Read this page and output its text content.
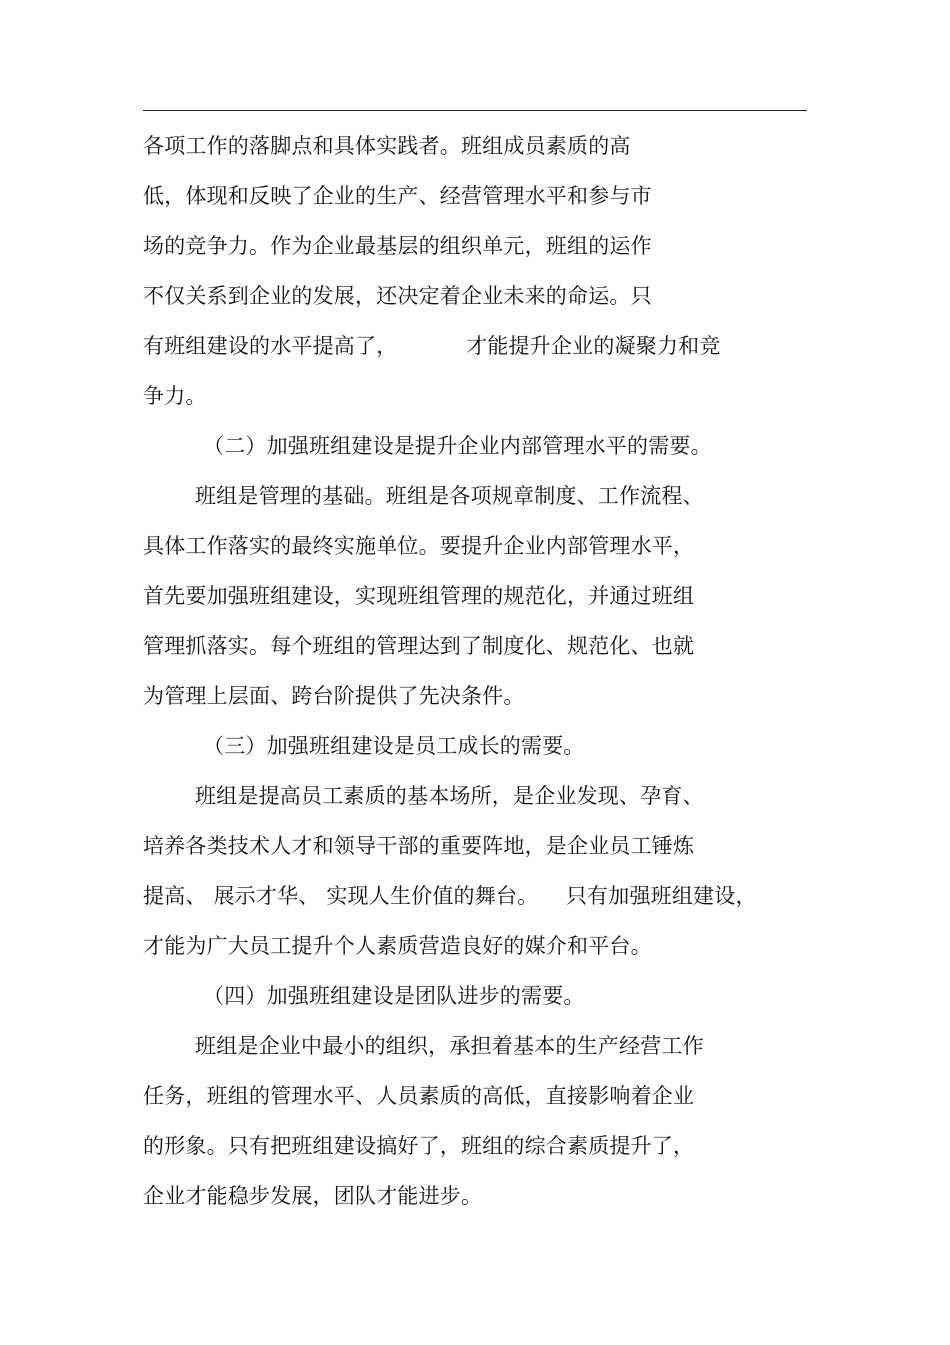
各项工作的落脚点和具体实践者。班组成员素质的高
低，体现和反映了企业的生产、经营管理水平和参与市
场的竞争力。作为企业最基层的组织单元，班组的运作
不仅关系到企业的发展，还决定着企业未来的命运。只
有班组建设的水平提高了，          才能提升企业的凝聚力和竞
争力。
（二）加强班组建设是提升企业内部管理水平的需要。
班组是管理的基础。班组是各项规章制度、工作流程、
具体工作落实的最终实施单位。要提升企业内部管理水平，
首先要加强班组建设，实现班组管理的规范化，并通过班组
管理抓落实。每个班组的管理达到了制度化、规范化、也就
为管理上层面、跨台阶提供了先决条件。
（三）加强班组建设是员工成长的需要。
班组是提高员工素质的基本场所，是企业发现、孕育、
培养各类技术人才和领导干部的重要阵地，是企业员工锤炼
提高、 展示才华、 实现人生价值的舞台。    只有加强班组建设，
才能为广大员工提升个人素质营造良好的媒介和平台。
（四）加强班组建设是团队进步的需要。
班组是企业中最小的组织，承担着基本的生产经营工作
任务，班组的管理水平、人员素质的高低，直接影响着企业
的形象。只有把班组建设搞好了，班组的综合素质提升了，
企业才能稳步发展，团队才能进步。
